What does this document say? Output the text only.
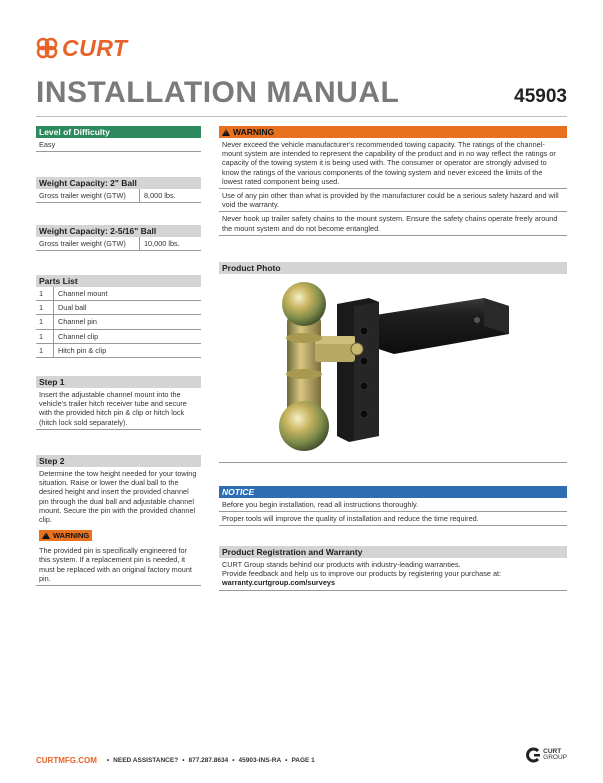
CURT
INSTALLATION MANUAL	45903
Level of Difficulty
Easy
Weight Capacity: 2" Ball
Gross trailer weight (GTW)	8,000 lbs.
Weight Capacity: 2-5/16" Ball
Gross trailer weight (GTW)	10,000 lbs.
Parts List
1	Channel mount
1	Dual ball
1	Channel pin
1	Channel clip
1	Hitch pin & clip
Step 1
Insert the adjustable channel mount into the vehicle's trailer hitch receiver tube and secure with the provided hitch pin & clip or hitch lock (hitch lock sold separately).
Step 2
Determine the tow height needed for your towing situation. Raise or lower the dual ball to the desired height and insert the provided channel pin through the dual ball and adjustable channel mount. Secure the pin with the provided channel clip.
!
WARNING
The provided pin is specifically engineered for this system. If a replacement pin is needed, it must be replaced with an original factory mount pin.
!WARNING
Never exceed the vehicle manufacturer's recommended towing capacity. The ratings of the channel-mount system are intended to represent the capability of the product and in no way reflect the ratings or capacity of the towing system it is being used with. The consumer or operator are strongly advised to know the ratings of the various components of the towing system and never exceed the limits of the lowest rated component being used.
Use of any pin other than what is provided by the manufacturer could be a serious safety hazard and will void the warranty.
Never hook up trailer safety chains to the mount system. Ensure the safety chains operate freely around the mount system and do not become entangled.
Product Photo
NOTICE
Before you begin installation, read all instructions thoroughly.
Proper tools will improve the quality of installation and reduce the time required.
Product Registration and Warranty
CURT Group stands behind our products with industry-leading warranties.
Provide feedback and help us to improve our products by registering your purchase at:
warranty.curtgroup.com/surveys
CURTMFG.COM • NEED ASSISTANCE? • 877.287.8634 • 45903-INS-RA • PAGE 1
CURT
GROUP
